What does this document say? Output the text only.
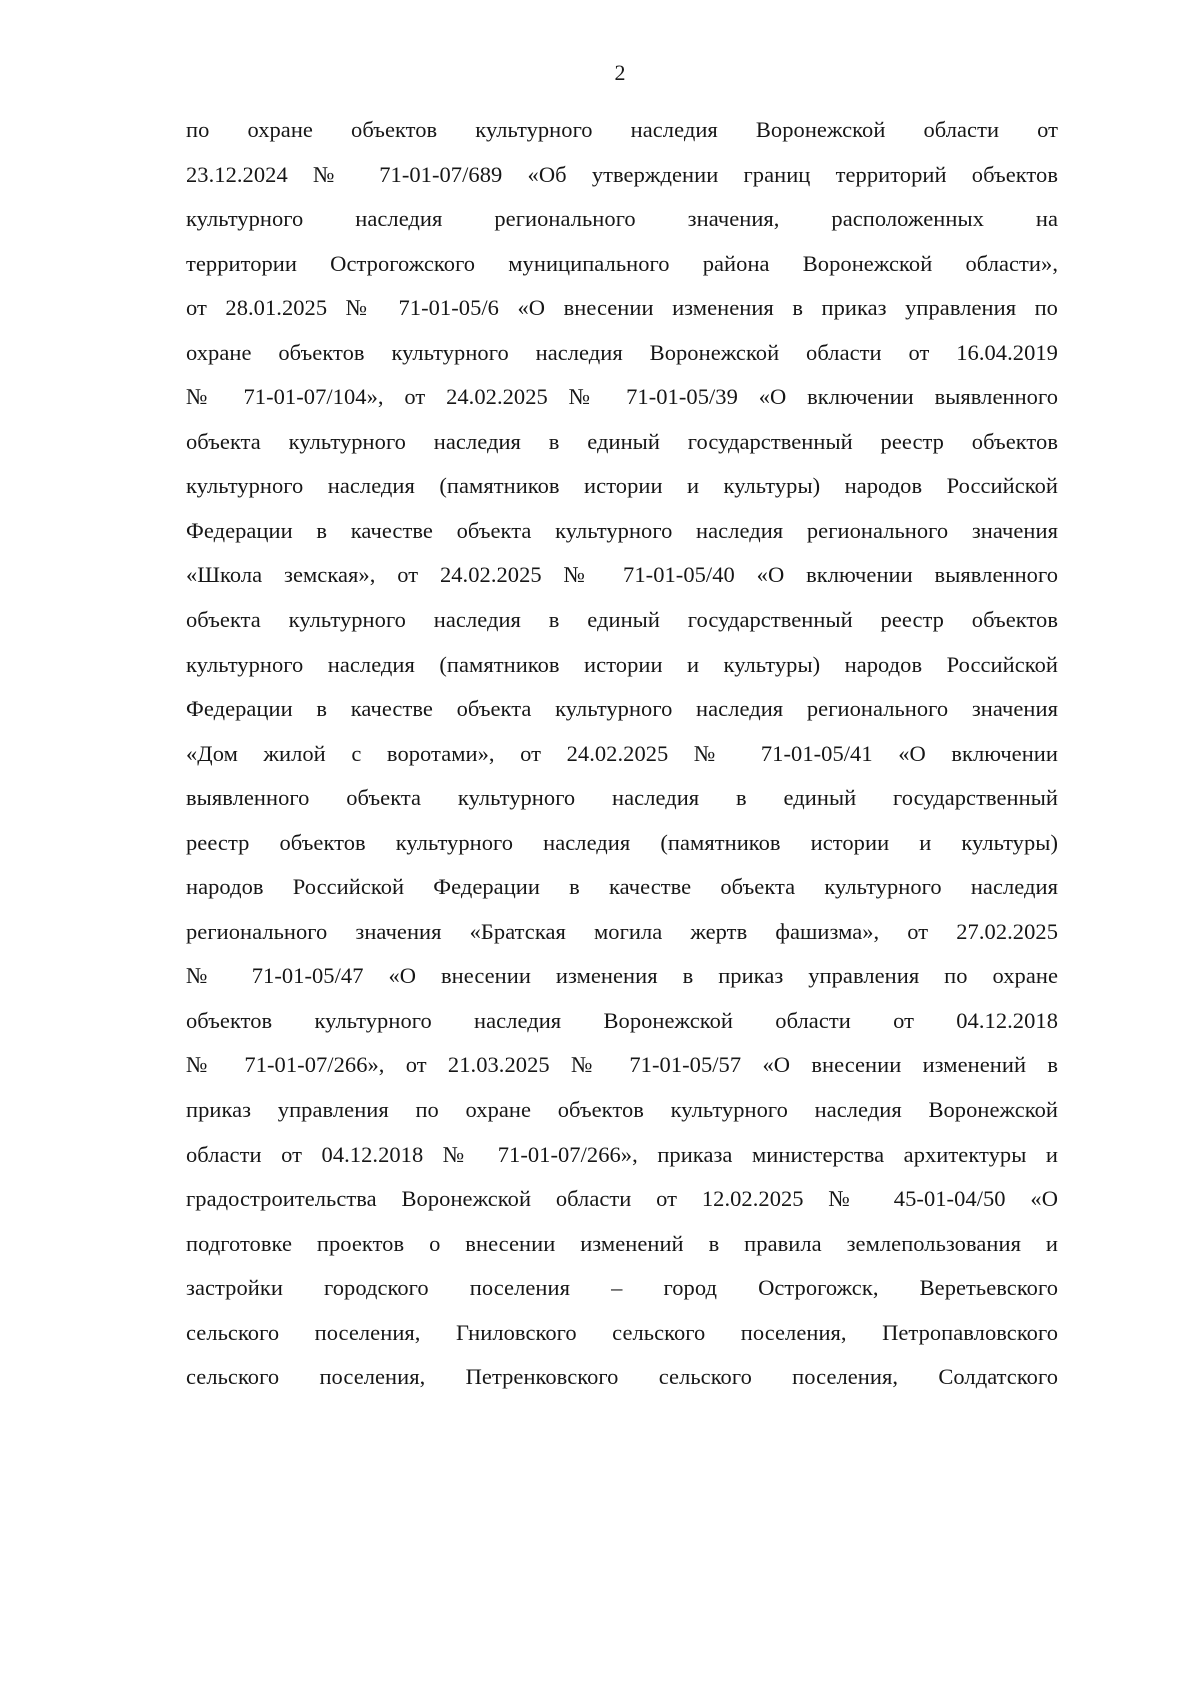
2
по охране объектов культурного наследия Воронежской области от
23.12.2024 № 71-01-07/689 «Об утверждении границ территорий объектов
культурного наследия регионального значения, расположенных на
территории Острогожского муниципального района Воронежской области»,
от 28.01.2025 № 71-01-05/6 «О внесении изменения в приказ управления по
охране объектов культурного наследия Воронежской области от 16.04.2019
№ 71-01-07/104», от 24.02.2025 № 71-01-05/39 «О включении выявленного
объекта культурного наследия в единый государственный реестр объектов
культурного наследия (памятников истории и культуры) народов Российской
Федерации в качестве объекта культурного наследия регионального значения
«Школа земская», от 24.02.2025 № 71-01-05/40 «О включении выявленного
объекта культурного наследия в единый государственный реестр объектов
культурного наследия (памятников истории и культуры) народов Российской
Федерации в качестве объекта культурного наследия регионального значения
«Дом жилой с воротами», от 24.02.2025 № 71-01-05/41 «О включении
выявленного объекта культурного наследия в единый государственный
реестр объектов культурного наследия (памятников истории и культуры)
народов Российской Федерации в качестве объекта культурного наследия
регионального значения «Братская могила жертв фашизма», от 27.02.2025
№ 71-01-05/47 «О внесении изменения в приказ управления по охране
объектов культурного наследия Воронежской области от 04.12.2018
№ 71-01-07/266», от 21.03.2025 № 71-01-05/57 «О внесении изменений в
приказ управления по охране объектов культурного наследия Воронежской
области от 04.12.2018 № 71-01-07/266», приказа министерства архитектуры и
градостроительства Воронежской области от 12.02.2025 № 45-01-04/50 «О
подготовке проектов о внесении изменений в правила землепользования и
застройки городского поселения – город Острогожск, Веретьевского
сельского поселения, Гниловского сельского поселения, Петропавловского
сельского поселения, Петренковского сельского поселения, Солдатского
